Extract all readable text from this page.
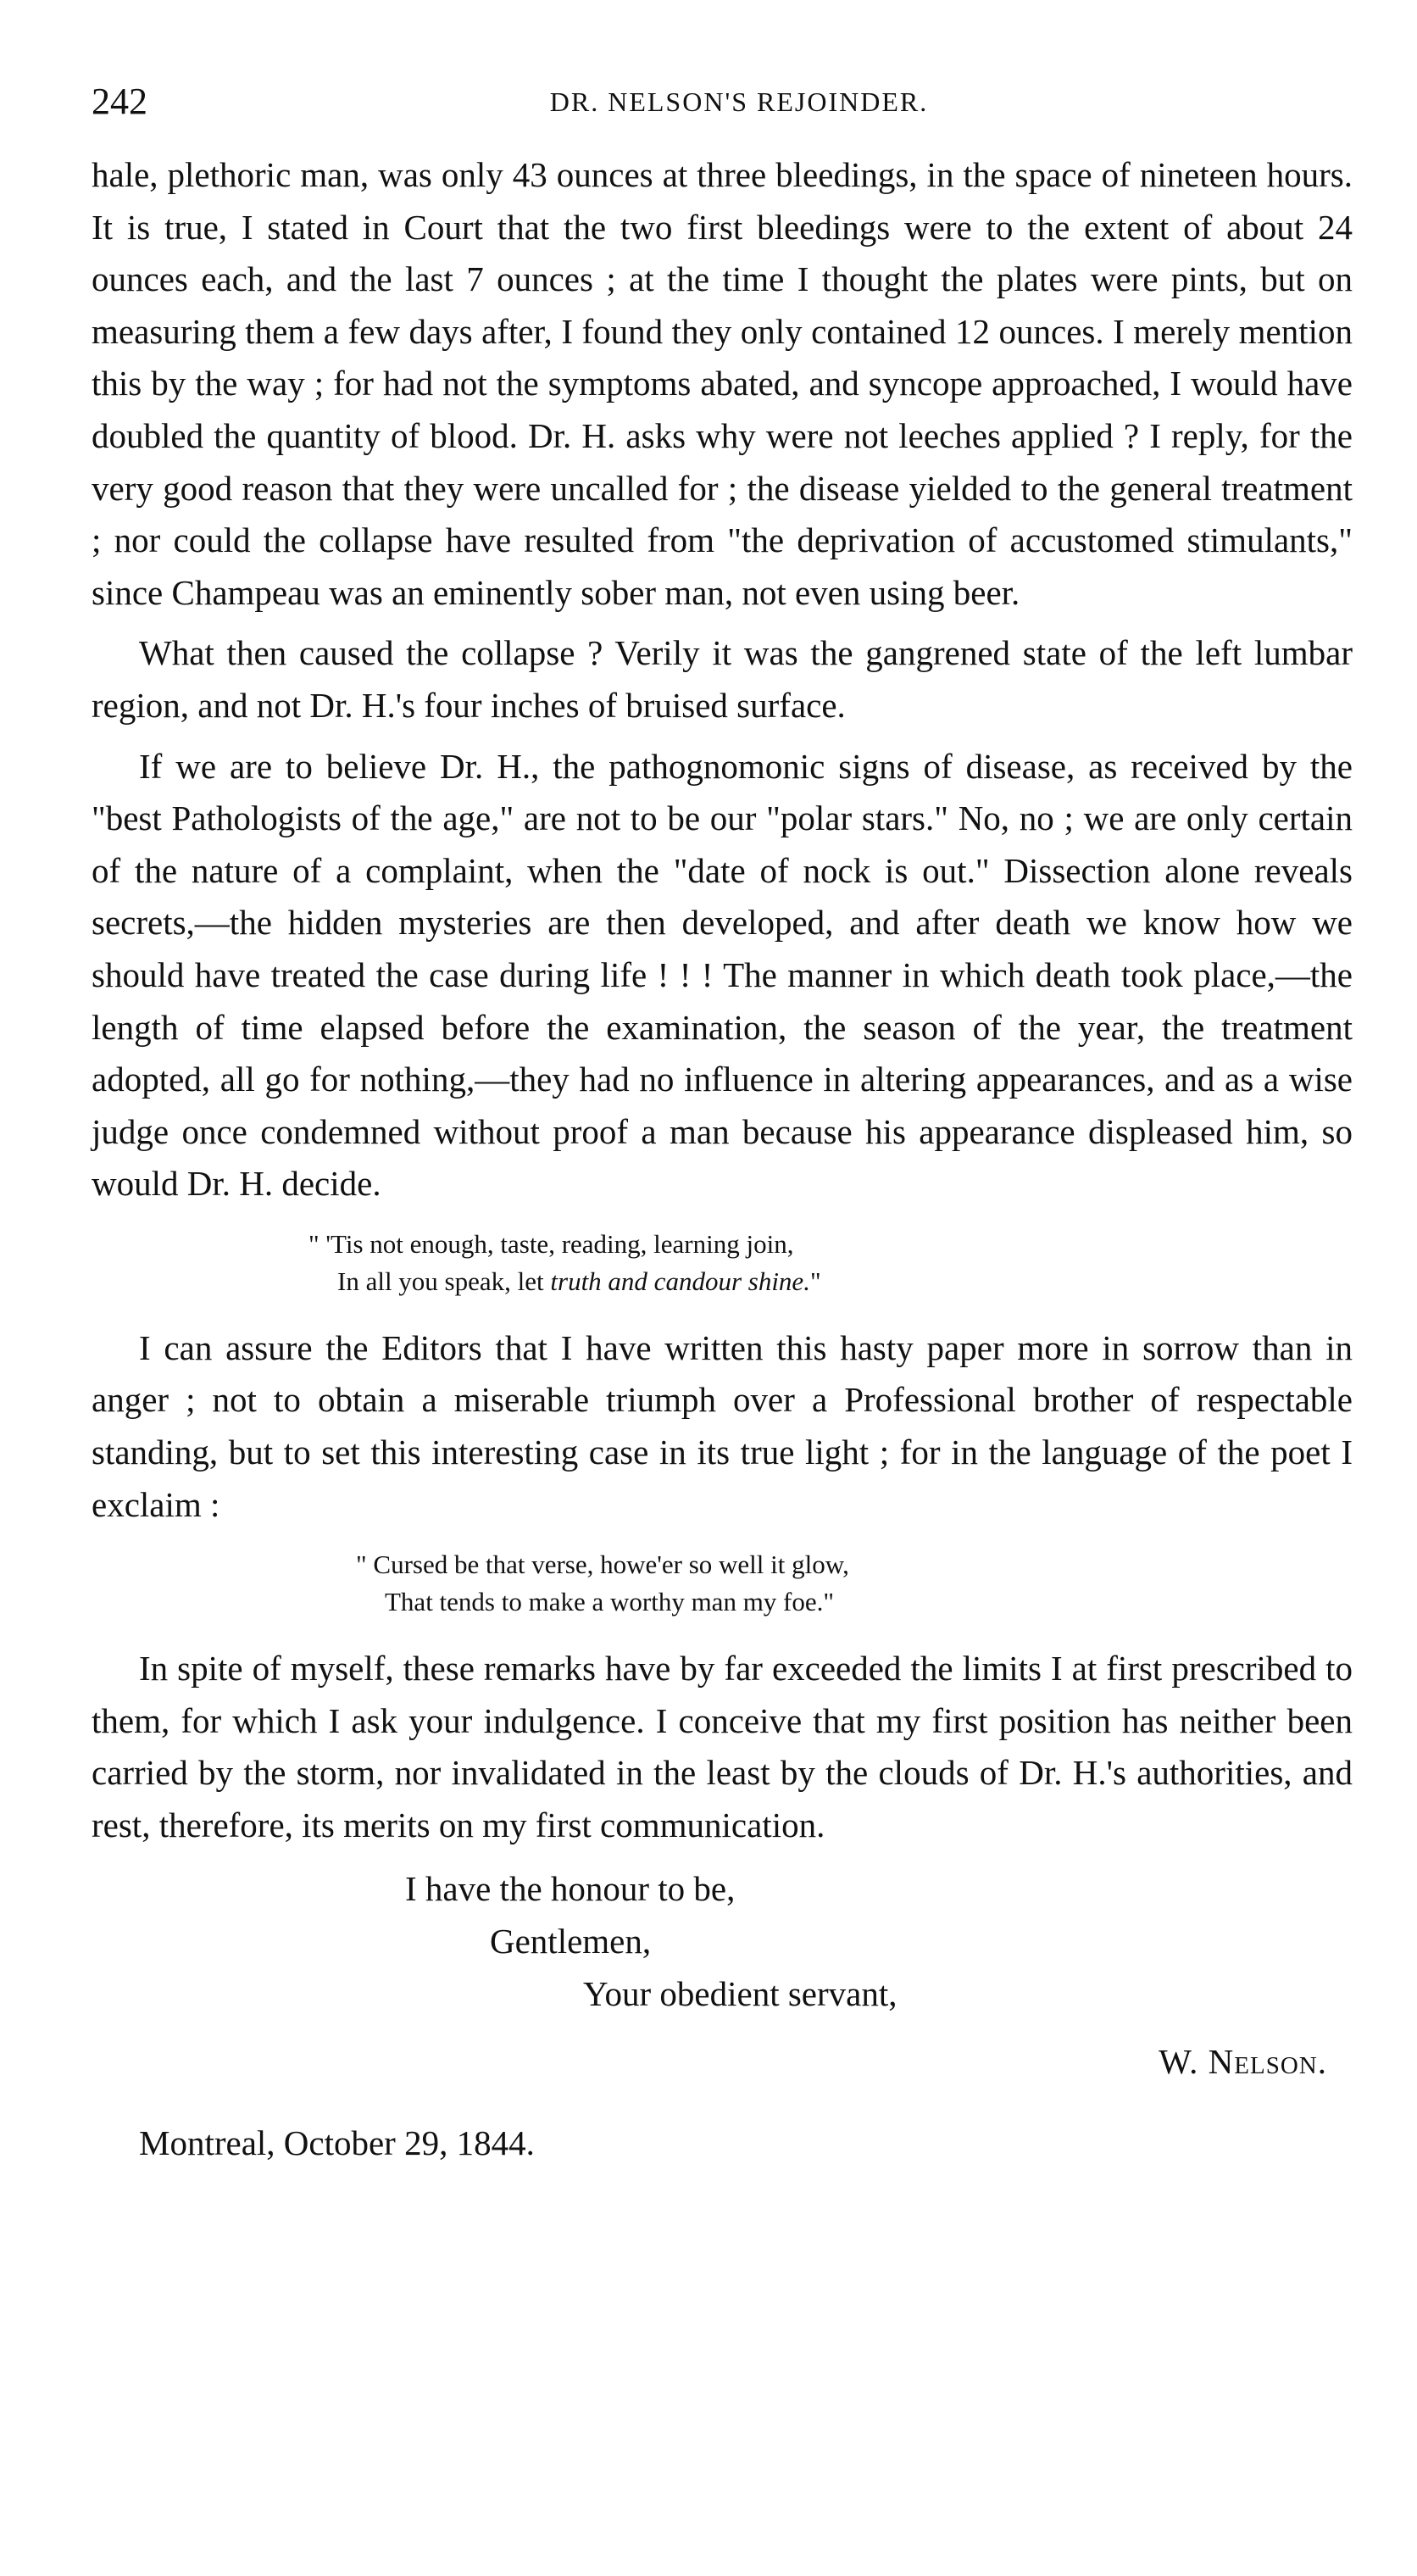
242	DR. NELSON'S REJOINDER.

hale, plethoric man, was only 43 ounces at three bleedings, in the space of nineteen hours. It is true, I stated in Court that the two first bleedings were to the extent of about 24 ounces each, and the last 7 ounces ; at the time I thought the plates were pints, but on measuring them a few days after, I found they only contained 12 ounces. I merely mention this by the way ; for had not the symptoms abated, and syncope approached, I would have doubled the quantity of blood. Dr. H. asks why were not leeches applied ? I reply, for the very good reason that they were uncalled for ; the disease yielded to the general treatment ; nor could the collapse have resulted from "the deprivation of accustomed stimulants," since Champeau was an eminently sober man, not even using beer.

What then caused the collapse ? Verily it was the gangrened state of the left lumbar region, and not Dr. H.'s four inches of bruised surface.

If we are to believe Dr. H., the pathognomonic signs of disease, as received by the "best Pathologists of the age," are not to be our "polar stars." No, no ; we are only certain of the nature of a complaint, when the "date of nock is out." Dissection alone reveals secrets,—the hidden mysteries are then developed, and after death we know how we should have treated the case during life ! ! ! The manner in which death took place,—the length of time elapsed before the examination, the season of the year, the treatment adopted, all go for nothing,—they had no influence in altering appearances, and as a wise judge once condemned without proof a man because his appearance displeased him, so would Dr. H. decide.

" 'Tis not enough, taste, reading, learning join,
In all you speak, let truth and candour shine."

I can assure the Editors that I have written this hasty paper more in sorrow than in anger ; not to obtain a miserable triumph over a Professional brother of respectable standing, but to set this interesting case in its true light ; for in the language of the poet I exclaim :

" Cursed be that verse, howe'er so well it glow,
That tends to make a worthy man my foe."

In spite of myself, these remarks have by far exceeded the limits I at first prescribed to them, for which I ask your indulgence. I conceive that my first position has neither been carried by the storm, nor invalidated in the least by the clouds of Dr. H.'s authorities, and rest, therefore, its merits on my first communication.

I have the honour to be,
Gentlemen,
Your obedient servant,
W. Nelson.
Montreal, October 29, 1844.
